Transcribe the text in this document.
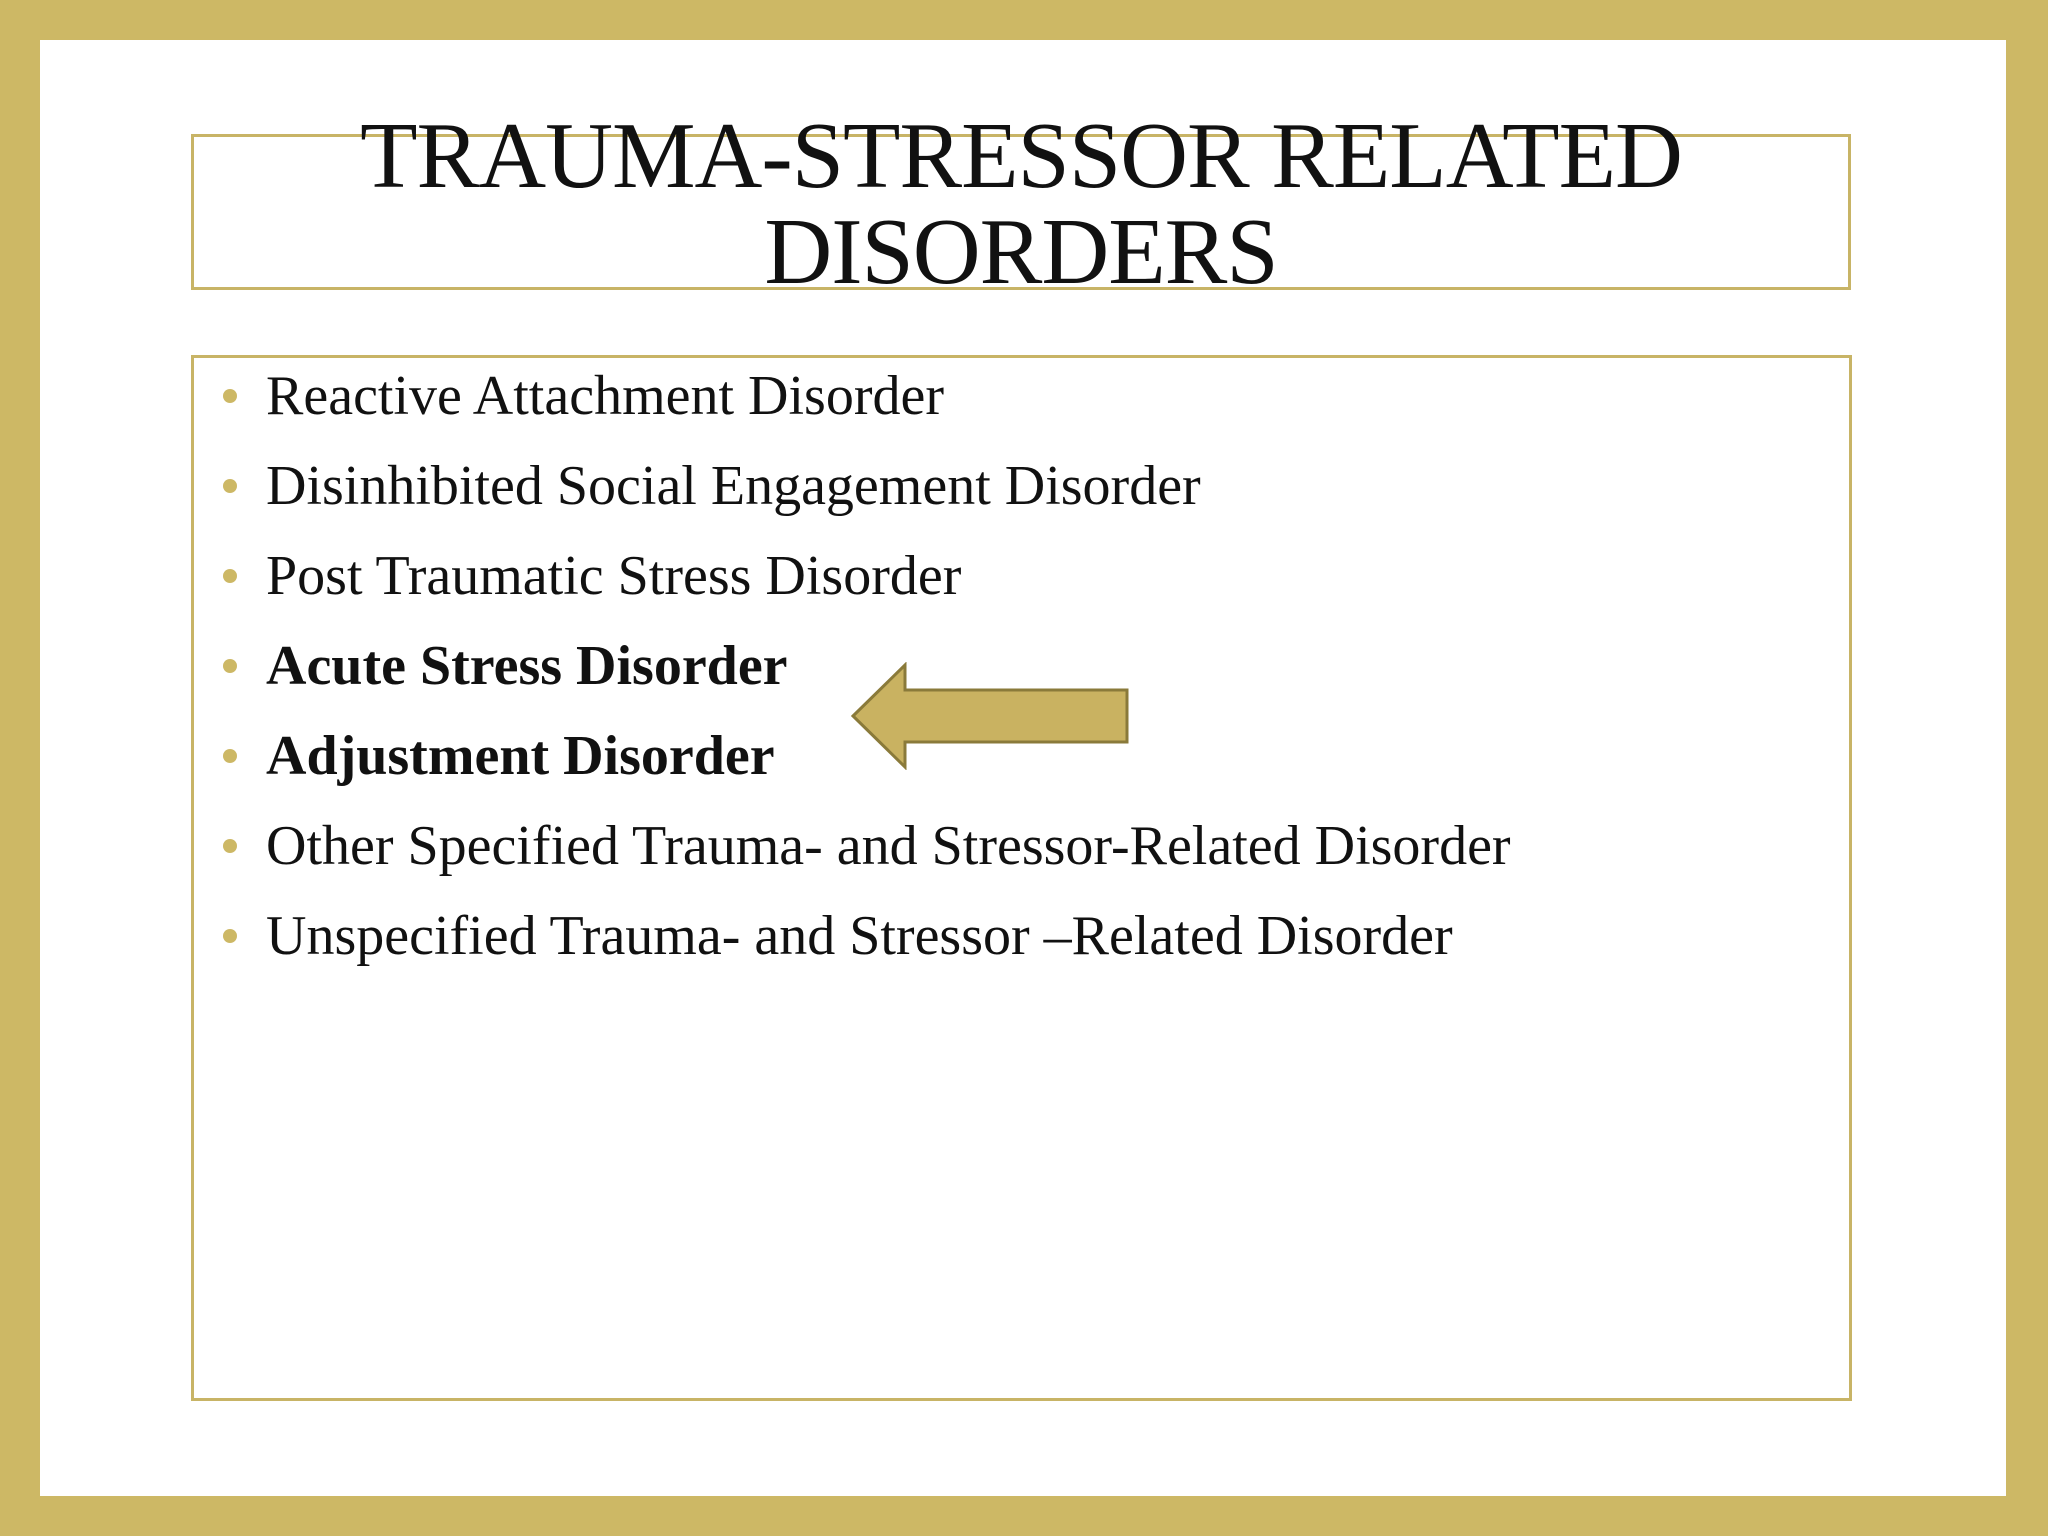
TRAUMA-STRESSOR RELATED
DISORDERS
Reactive Attachment Disorder
Disinhibited Social Engagement Disorder
Post Traumatic Stress Disorder
Acute Stress Disorder
Adjustment Disorder
Other Specified Trauma- and Stressor-Related Disorder
Unspecified Trauma- and Stressor –Related Disorder
